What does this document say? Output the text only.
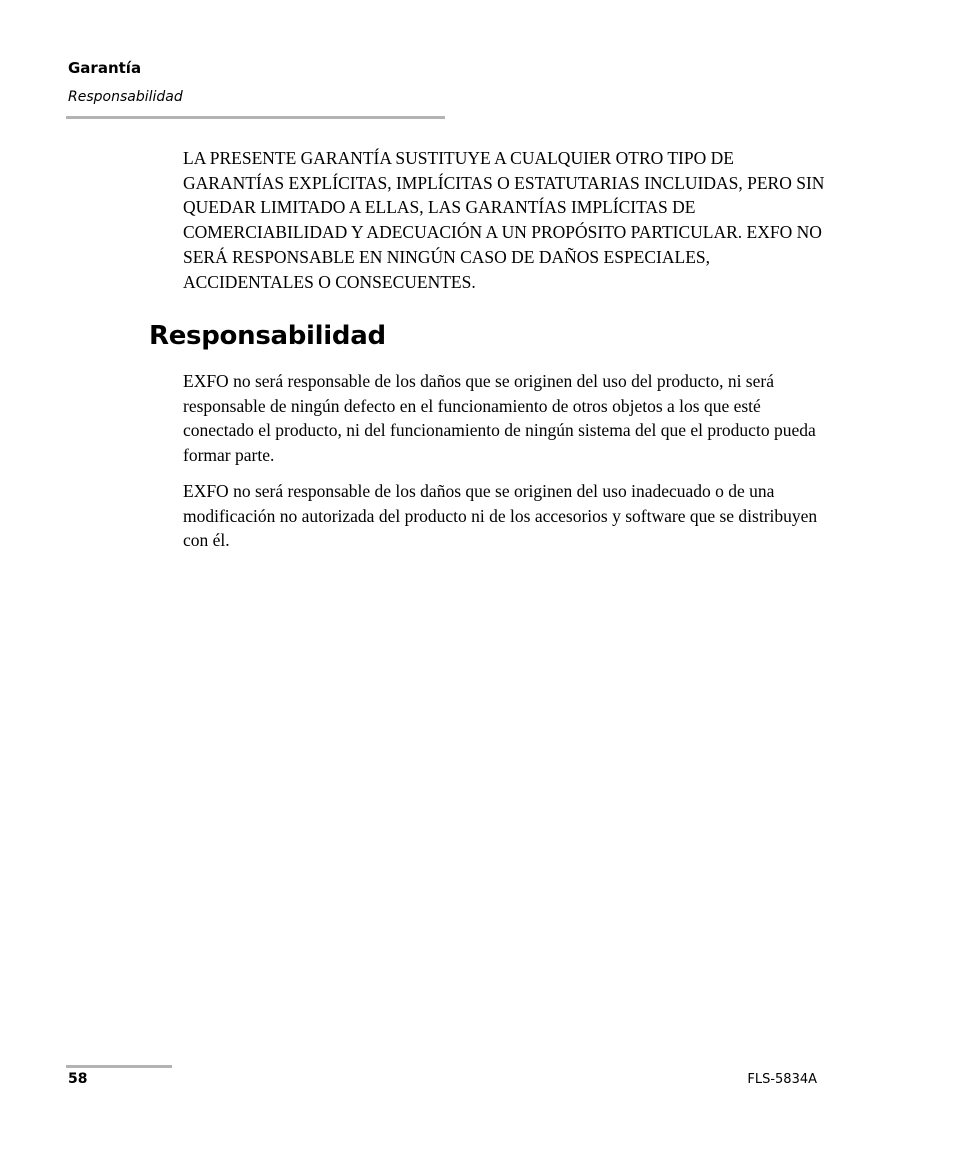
Garantía

Responsabilidad

LA PRESENTE GARANTÍA SUSTITUYE A CUALQUIER OTRO TIPO DE GARANTÍAS EXPLÍCITAS, IMPLÍCITAS O ESTATUTARIAS INCLUIDAS, PERO SIN QUEDAR LIMITADO A ELLAS, LAS GARANTÍAS IMPLÍCITAS DE COMERCIABILIDAD Y ADECUACIÓN A UN PROPÓSITO PARTICULAR. EXFO NO SERÁ RESPONSABLE EN NINGÚN CASO DE DAÑOS ESPECIALES, ACCIDENTALES O CONSECUENTES.

Responsabilidad

EXFO no será responsable de los daños que se originen del uso del producto, ni será responsable de ningún defecto en el funcionamiento de otros objetos a los que esté conectado el producto, ni del funcionamiento de ningún sistema del que el producto pueda formar parte.

EXFO no será responsable de los daños que se originen del uso inadecuado o de una modificación no autorizada del producto ni de los accesorios y software que se distribuyen con él.

58	FLS-5834A
